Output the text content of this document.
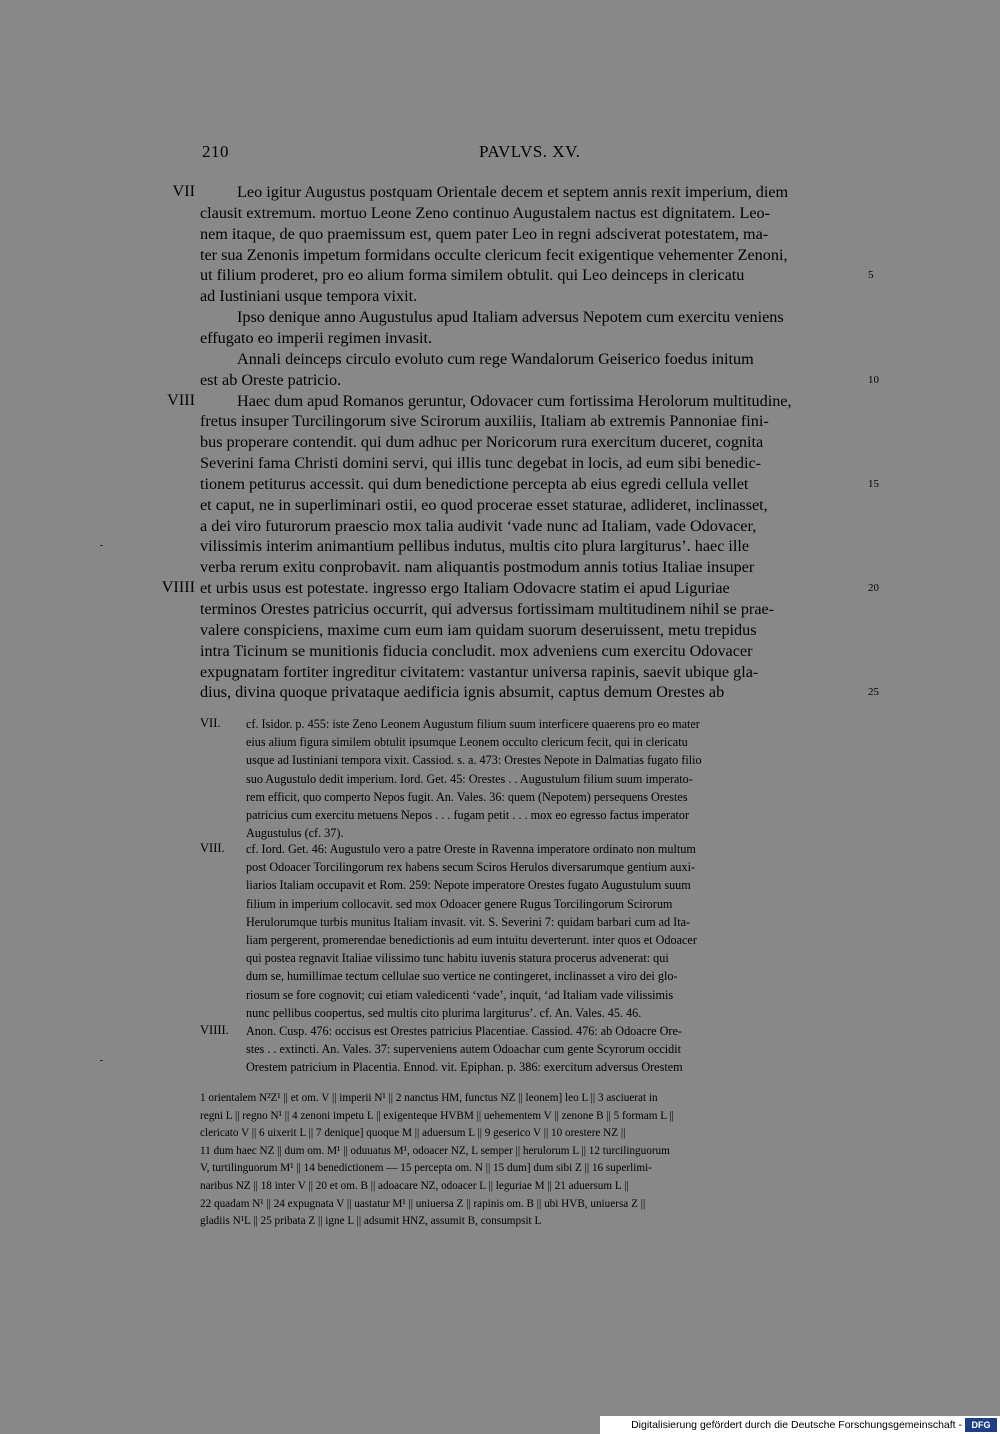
210	PAVLVS. XV.
Leo igitur Augustus postquam Orientale decem et septem annis rexit imperium, diem
VII
clausit extremum. mortuo Leone Zeno continuo Augustalem nactus est dignitatem. Leo-
nem itaque, de quo praemissum est, quem pater Leo in regni adsciverat potestatem, ma-
ter sua Zenonis impetum formidans occulte clericum fecit exigentique vehementer Zenoni,
ut filium proderet, pro eo alium forma similem obtulit. qui Leo deinceps in clericatu	5
ad Iustiniani usque tempora vixit.
Ipso denique anno Augustulus apud Italiam adversus Nepotem cum exercitu veniens
effugato eo imperii regimen invasit.
Annali deinceps circulo evoluto cum rege Wandalorum Geiserico foedus initum
est ab Oreste patricio.	10
Haec dum apud Romanos geruntur, Odovacer cum fortissima Herolorum multitudine,
VIII
fretus insuper Turcilingorum sive Scirorum auxiliis, Italiam ab extremis Pannoniae fini-
bus properare contendit. qui dum adhuc per Noricorum rura exercitum duceret, cognita
Severini fama Christi domini servi, qui illis tunc degebat in locis, ad eum sibi benedic-
tionem petiturus accessit. qui dum benedictione percepta ab eius egredi cellula vellet	15
et caput, ne in superliminari ostii, eo quod procerae esset staturae, adlideret, inclinasset,
a dei viro futurorum praescio mox talia audivit ‘vade nunc ad Italiam, vade Odovacer,
vilissimis interim animantium pellibus indutus, multis cito plura largiturus’. haec ille
verba rerum exitu conprobavit. nam aliquantis postmodum annis totius Italiae insuper
et urbis usus est potestate. ingresso ergo Italiam Odovacre statim ei apud Liguriae
VIIII	20
terminos Orestes patricius occurrit, qui adversus fortissimam multitudinem nihil se prae-
valere conspiciens, maxime cum eum iam quidam suorum deseruissent, metu trepidus
intra Ticinum se munitionis fiducia concludit. mox adveniens cum exercitu Odovacer
expugnatam fortiter ingreditur civitatem: vastantur universa rapinis, saevit ubique gla-
dius, divina quoque privataque aedificia ignis absumit, captus demum Orestes ab	25
VII. cf. Isidor. p. 455: iste Zeno Leonem Augustum filium suum interficere quaerens pro eo mater
eius alium figura similem obtulit ipsumque Leonem occulto clericum fecit, qui in clericatu
usque ad Iustiniani tempora vixit. Cassiod. s. a. 473: Orestes Nepote in Dalmatias fugato filio
suo Augustulo dedit imperium. Iord. Get. 45: Orestes . . Augustulum filium suum imperato-
rem efficit, quo comperto Nepos fugit. An. Vales. 36: quem (Nepotem) persequens Orestes
patricius cum exercitu metuens Nepos . . . fugam petit . . . mox eo egresso factus imperator
Augustulus (cf. 37).
VIII. cf. Iord. Get. 46: Augustulo vero a patre Oreste in Ravenna imperatore ordinato non multum
post Odoacer Torcilingorum rex habens secum Sciros Herulos diversarumque gentium auxi-
liarios Italiam occupavit et Rom. 259: Nepote imperatore Orestes fugato Augustulum suum
filium in imperium collocavit. sed mox Odoacer genere Rugus Torcilingorum Scirorum
Herulorumque turbis munitus Italiam invasit. vit. S. Severini 7: quidam barbari cum ad Ita-
liam pergerent, promerendae benedictionis ad eum intuitu deverterunt. inter quos et Odoacer
qui postea regnavit Italiae vilissimo tunc habitu iuvenis statura procerus advenerat: qui
dum se, humillimae tectum cellulae suo vertice ne contingeret, inclinasset a viro dei glo-
riosum se fore cognovit; cui etiam valedicenti ‘vade’, inquit, ‘ad Italiam vade vilissimis
nunc pellibus coopertus, sed multis cito plurima largiturus’. cf. An. Vales. 45. 46.
VIIII. Anon. Cusp. 476: occisus est Orestes patricius Placentiae. Cassiod. 476: ab Odoacre Ore-
stes . . extincti. An. Vales. 37: superveniens autem Odoachar cum gente Scyrorum occidit
Orestem patricium in Placentia. Ennod. vit. Epiphan. p. 386: exercitum adversus Orestem
1 orientalem N²Z¹ || et om. V || imperii N¹ || 2 nanctus HM, functus NZ || leonem] leo L || 3 asciuerat in
regni L || regno N¹ || 4 zenoni impetu L || exigenteque HVBM || uehementem V || zenone B || 5 formam L ||
clericato V || 6 uixerit L || 7 denique] quoque M || aduersum L || 9 geserico V || 10 orestere NZ ||
11 dum haec NZ || dum om. M¹ || oduuatus M¹, odoacer NZ, L semper || herulorum L || 12 turcilinguorum
V, turtilinguorum M¹ || 14 benedictionem — 15 percepta om. N || 15 dum] dum sibi Z || 16 superlimi-
naribus NZ || 18 inter V || 20 et om. B || adoacare NZ, odoacer L || leguriae M || 21 aduersum L ||
22 quadam N¹ || 24 expugnata V || uastatur M¹ || uniuersa Z || rapinis om. B || ubi HVB, uniuersa Z ||
gladiis N¹L || 25 pribata Z || igne L || adsumit HNZ, assumit B, consumpsit L
Digitalisierung gefördert durch die Deutsche Forschungsgemeinschaft -	DFG
